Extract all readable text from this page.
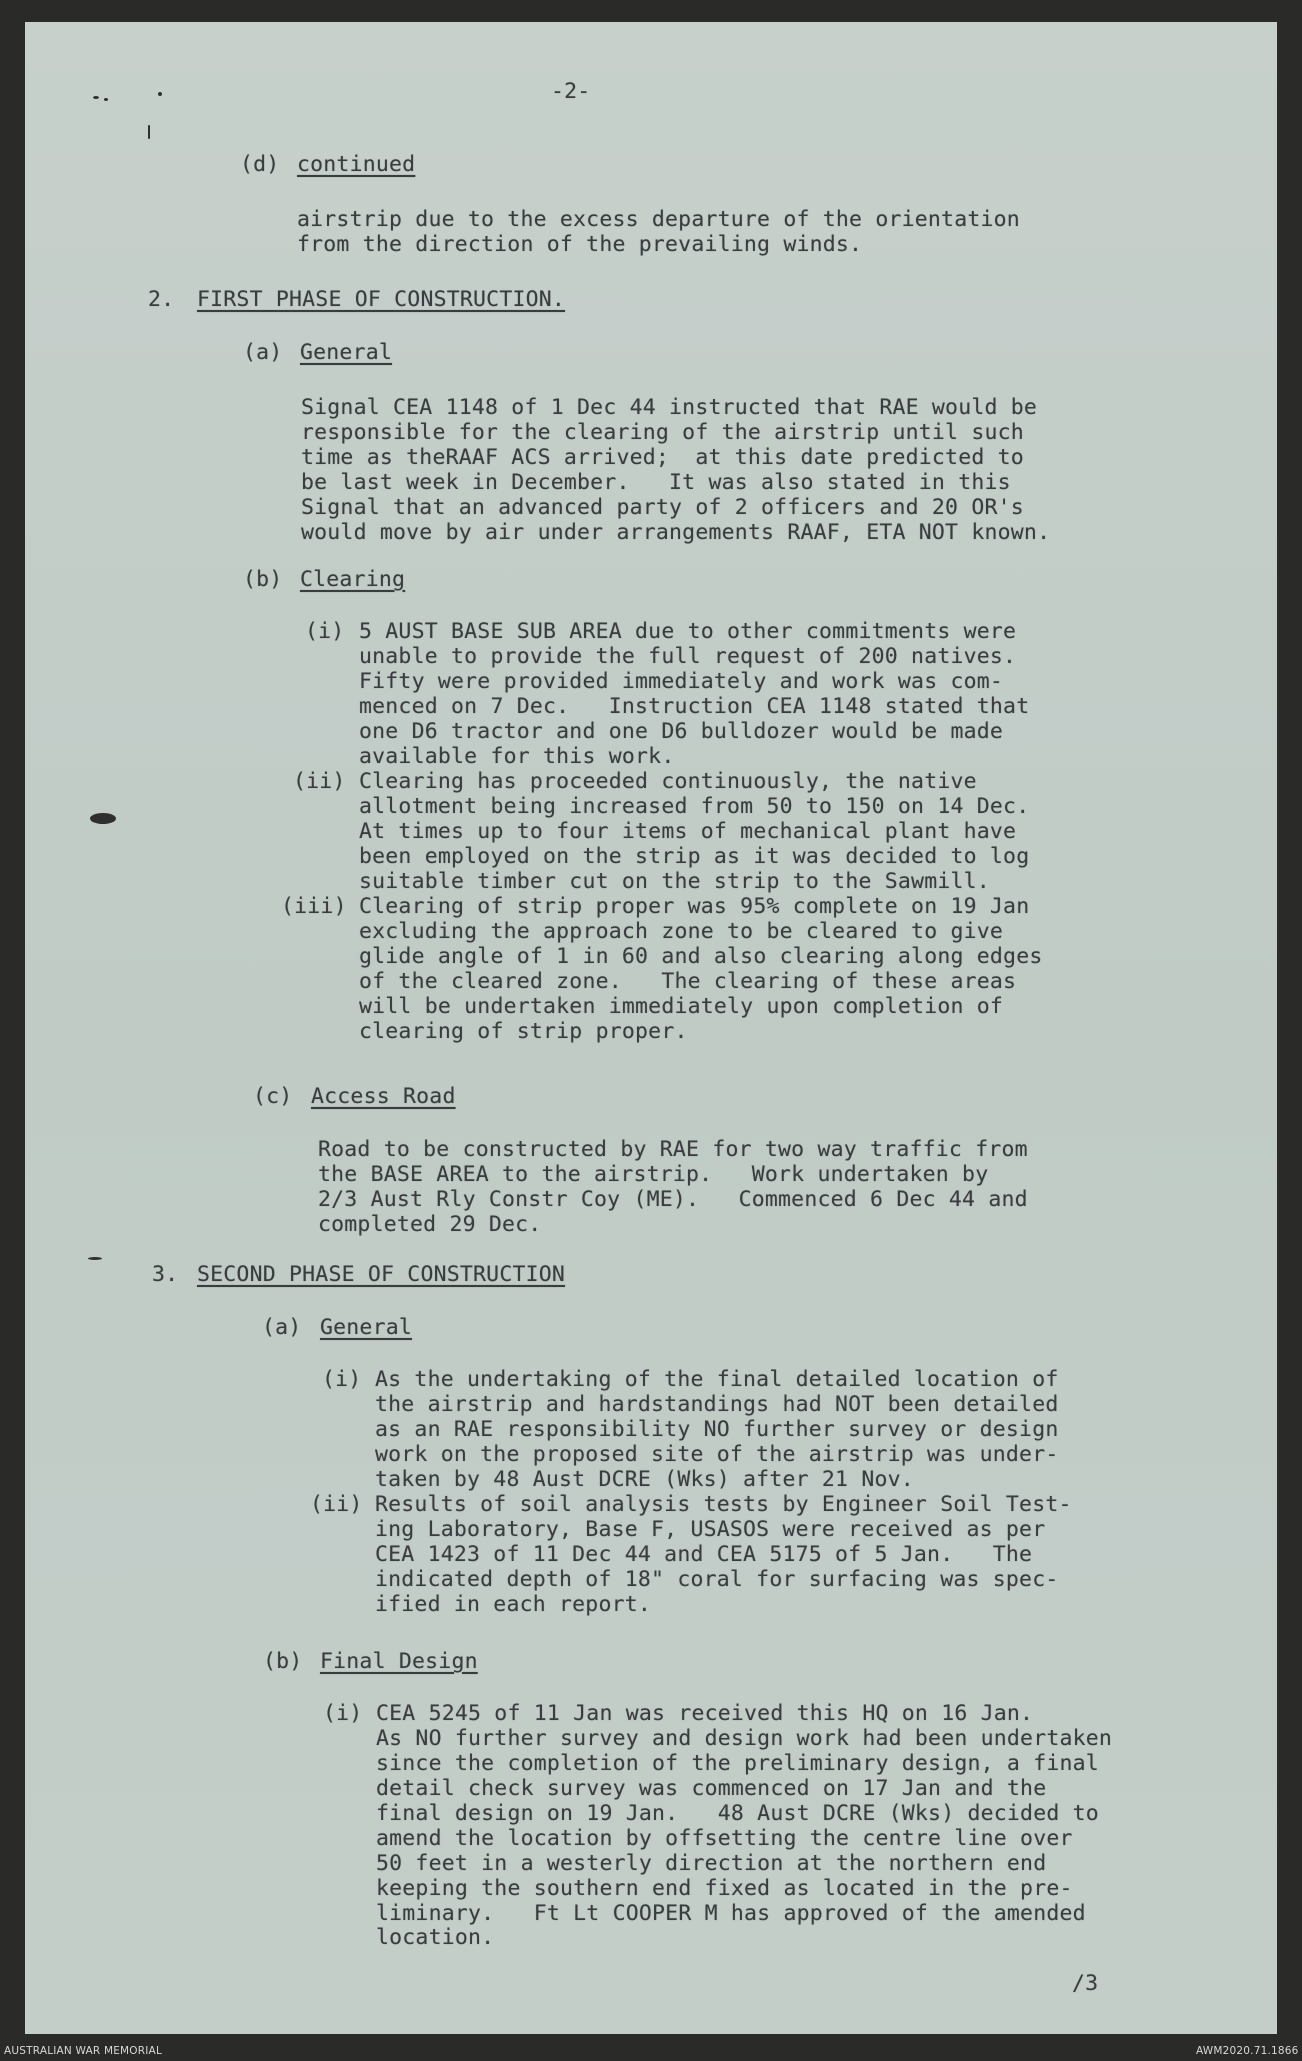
-2-
(d) continued
airstrip due to the excess departure of the orientation
from the direction of the prevailing winds.
2. FIRST PHASE OF CONSTRUCTION.
(a) General
Signal CEA 1148 of 1 Dec 44 instructed that RAE would be
responsible for the clearing of the airstrip until such
time as theRAAF ACS arrived;  at this date predicted to
be last week in December.   It was also stated in this
Signal that an advanced party of 2 officers and 20 OR's
would move by air under arrangements RAAF, ETA NOT known.
(b) Clearing
(i) 5 AUST BASE SUB AREA due to other commitments were
unable to provide the full request of 200 natives.
Fifty were provided immediately and work was com-
menced on 7 Dec.   Instruction CEA 1148 stated that
one D6 tractor and one D6 bulldozer would be made
available for this work.
(ii) Clearing has proceeded continuously, the native
allotment being increased from 50 to 150 on 14 Dec.
At times up to four items of mechanical plant have
been employed on the strip as it was decided to log
suitable timber cut on the strip to the Sawmill.
(iii) Clearing of strip proper was 95% complete on 19 Jan
excluding the approach zone to be cleared to give
glide angle of 1 in 60 and also clearing along edges
of the cleared zone.   The clearing of these areas
will be undertaken immediately upon completion of
clearing of strip proper.
(c) Access Road
Road to be constructed by RAE for two way traffic from
the BASE AREA to the airstrip.   Work undertaken by
2/3 Aust Rly Constr Coy (ME).   Commenced 6 Dec 44 and
completed 29 Dec.
3. SECOND PHASE OF CONSTRUCTION
(a) General
(i) As the undertaking of the final detailed location of
the airstrip and hardstandings had NOT been detailed
as an RAE responsibility NO further survey or design
work on the proposed site of the airstrip was under-
taken by 48 Aust DCRE (Wks) after 21 Nov.
(ii) Results of soil analysis tests by Engineer Soil Test-
ing Laboratory, Base F, USASOS were received as per
CEA 1423 of 11 Dec 44 and CEA 5175 of 5 Jan.   The
indicated depth of 18" coral for surfacing was spec-
ified in each report.
(b) Final Design
(i) CEA 5245 of 11 Jan was received this HQ on 16 Jan.
As NO further survey and design work had been undertaken
since the completion of the preliminary design, a final
detail check survey was commenced on 17 Jan and the
final design on 19 Jan.   48 Aust DCRE (Wks) decided to
amend the location by offsetting the centre line over
50 feet in a westerly direction at the northern end
keeping the southern end fixed as located in the pre-
liminary.   Ft Lt COOPER M has approved of the amended
location.
/3
AUSTRALIAN WAR MEMORIAL	AWM2020.71.1866
